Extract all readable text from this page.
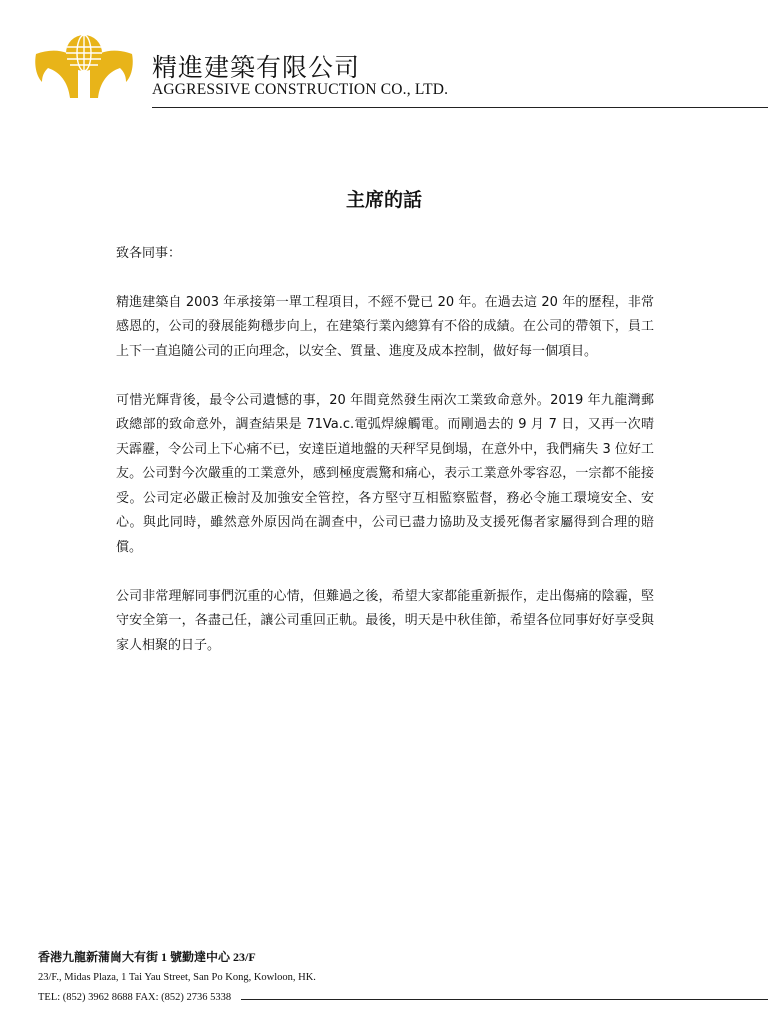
精進建築有限公司
AGGRESSIVE CONSTRUCTION CO., LTD.
主席的話

致各同事：

精進建築自 2003 年承接第一單工程項目，不經不覺已 20 年。在過去這 20 年的歷程，非常感恩的，公司的發展能夠穩步向上，在建築行業內總算有不俗的成績。在公司的帶領下，員工上下一直追隨公司的正向理念，以安全、質量、進度及成本控制，做好每一個項目。

可惜光輝背後，最令公司遺憾的事，20 年間竟然發生兩次工業致命意外。2019 年九龍灣郵政總部的致命意外，調查結果是 71Va.c.電弧焊線觸電。而剛過去的 9 月 7 日，又再一次晴天霹靂，令公司上下心痛不已，安達臣道地盤的天秤罕見倒塌，在意外中，我們痛失 3 位好工友。公司對今次嚴重的工業意外，感到極度震驚和痛心，表示工業意外零容忍，一宗都不能接受。公司定必嚴正檢討及加強安全管控，各方堅守互相監察監督，務必令施工環境安全、安心。與此同時，雖然意外原因尚在調查中，公司已盡力協助及支援死傷者家屬得到合理的賠償。

公司非常理解同事們沉重的心情，但難過之後，希望大家都能重新振作，走出傷痛的陰霾，堅守安全第一，各盡己任，讓公司重回正軌。最後，明天是中秋佳節，希望各位同事好好享受與家人相聚的日子。

香港九龍新蒲崗大有街 1 號勤達中心 23/F
23/F., Midas Plaza, 1 Tai Yau Street, San Po Kong, Kowloon, HK.
TEL: (852) 3962 8688 FAX: (852) 2736 5338
